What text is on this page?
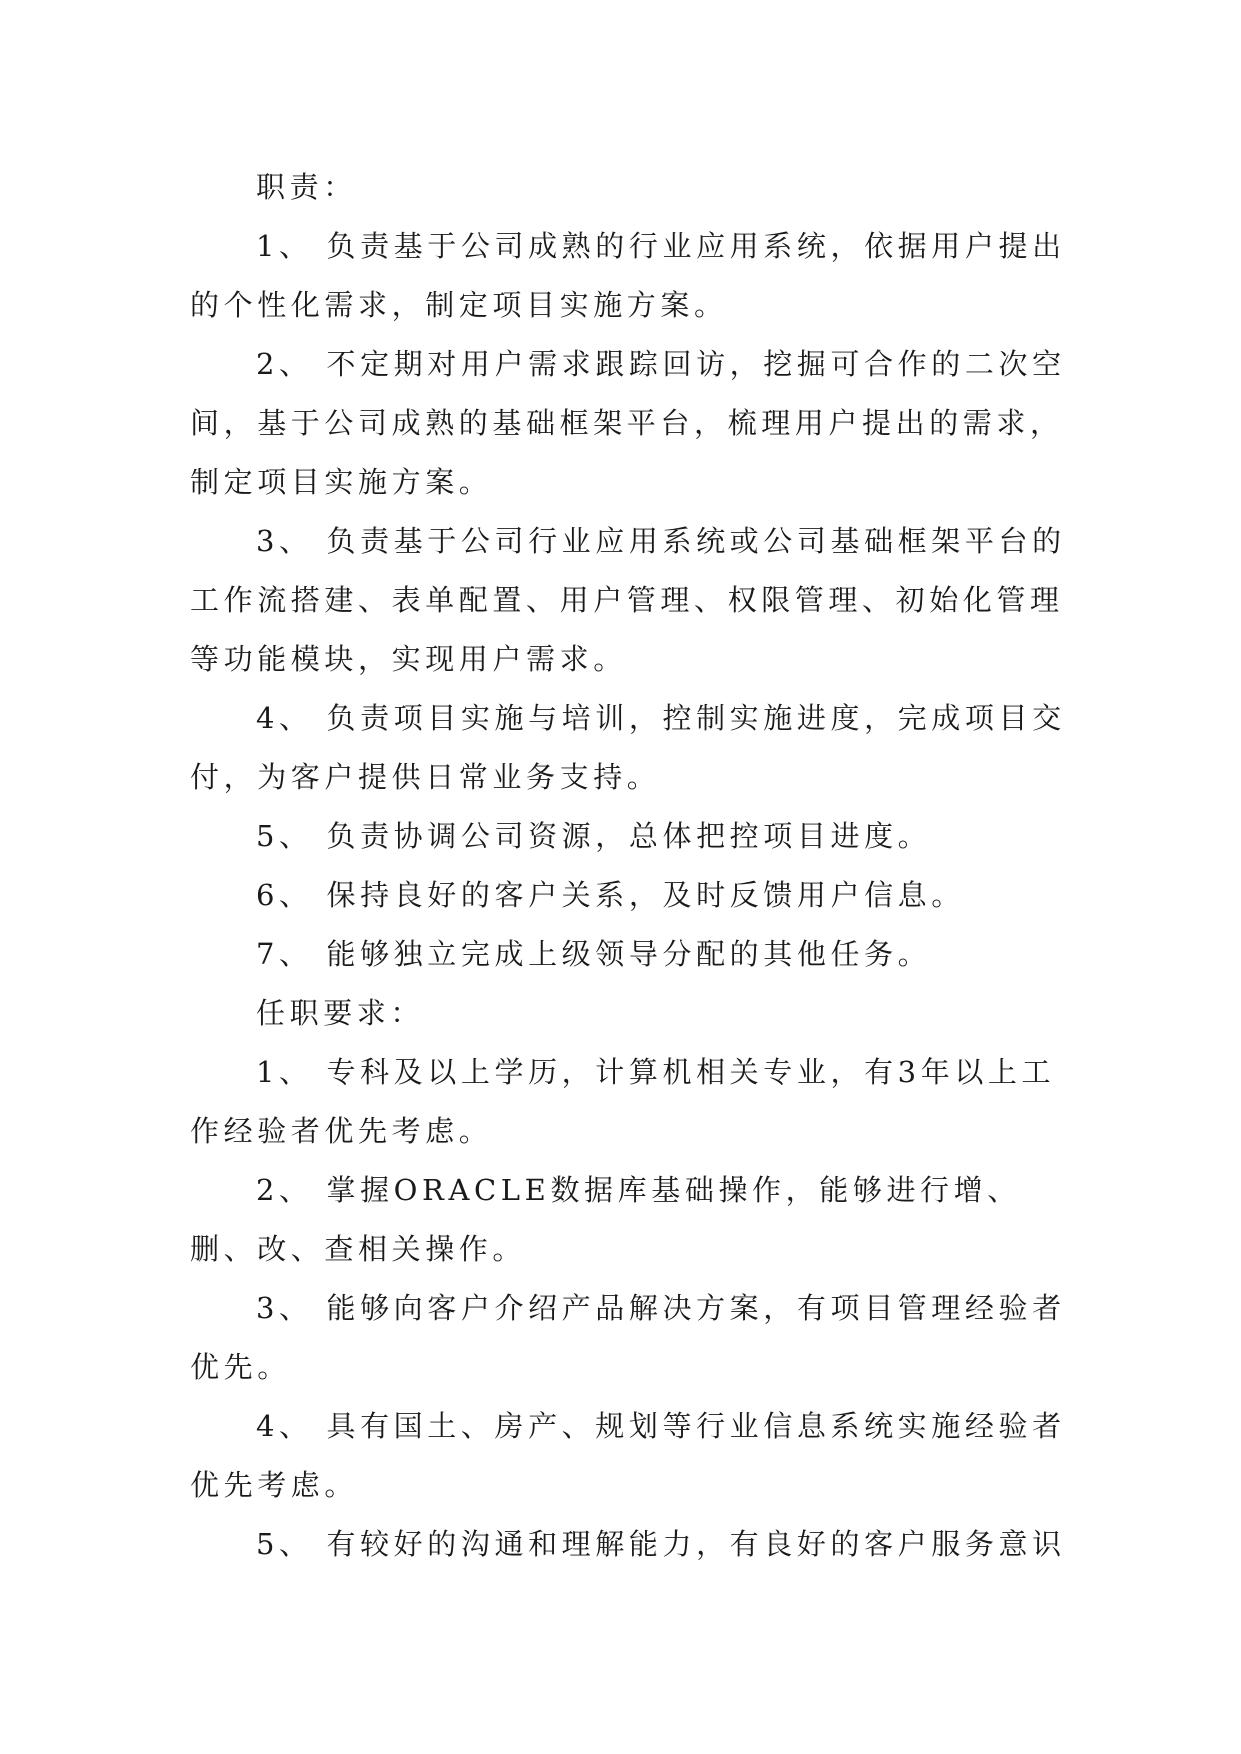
职责：

1、 负责基于公司成熟的行业应用系统，依据用户提出的个性化需求，制定项目实施方案。

2、 不定期对用户需求跟踪回访，挖掘可合作的二次空间，基于公司成熟的基础框架平台，梳理用户提出的需求，制定项目实施方案。

3、 负责基于公司行业应用系统或公司基础框架平台的工作流搭建、表单配置、用户管理、权限管理、初始化管理等功能模块，实现用户需求。

4、 负责项目实施与培训，控制实施进度，完成项目交付，为客户提供日常业务支持。

5、 负责协调公司资源，总体把控项目进度。

6、 保持良好的客户关系，及时反馈用户信息。

7、 能够独立完成上级领导分配的其他任务。

任职要求：

1、 专科及以上学历，计算机相关专业，有3年以上工作经验者优先考虑。

2、 掌握ORACLE数据库基础操作，能够进行增、删、改、查相关操作。

3、 能够向客户介绍产品解决方案，有项目管理经验者优先。

4、 具有国土、房产、规划等行业信息系统实施经验者优先考虑。

5、 有较好的沟通和理解能力，有良好的客户服务意识
